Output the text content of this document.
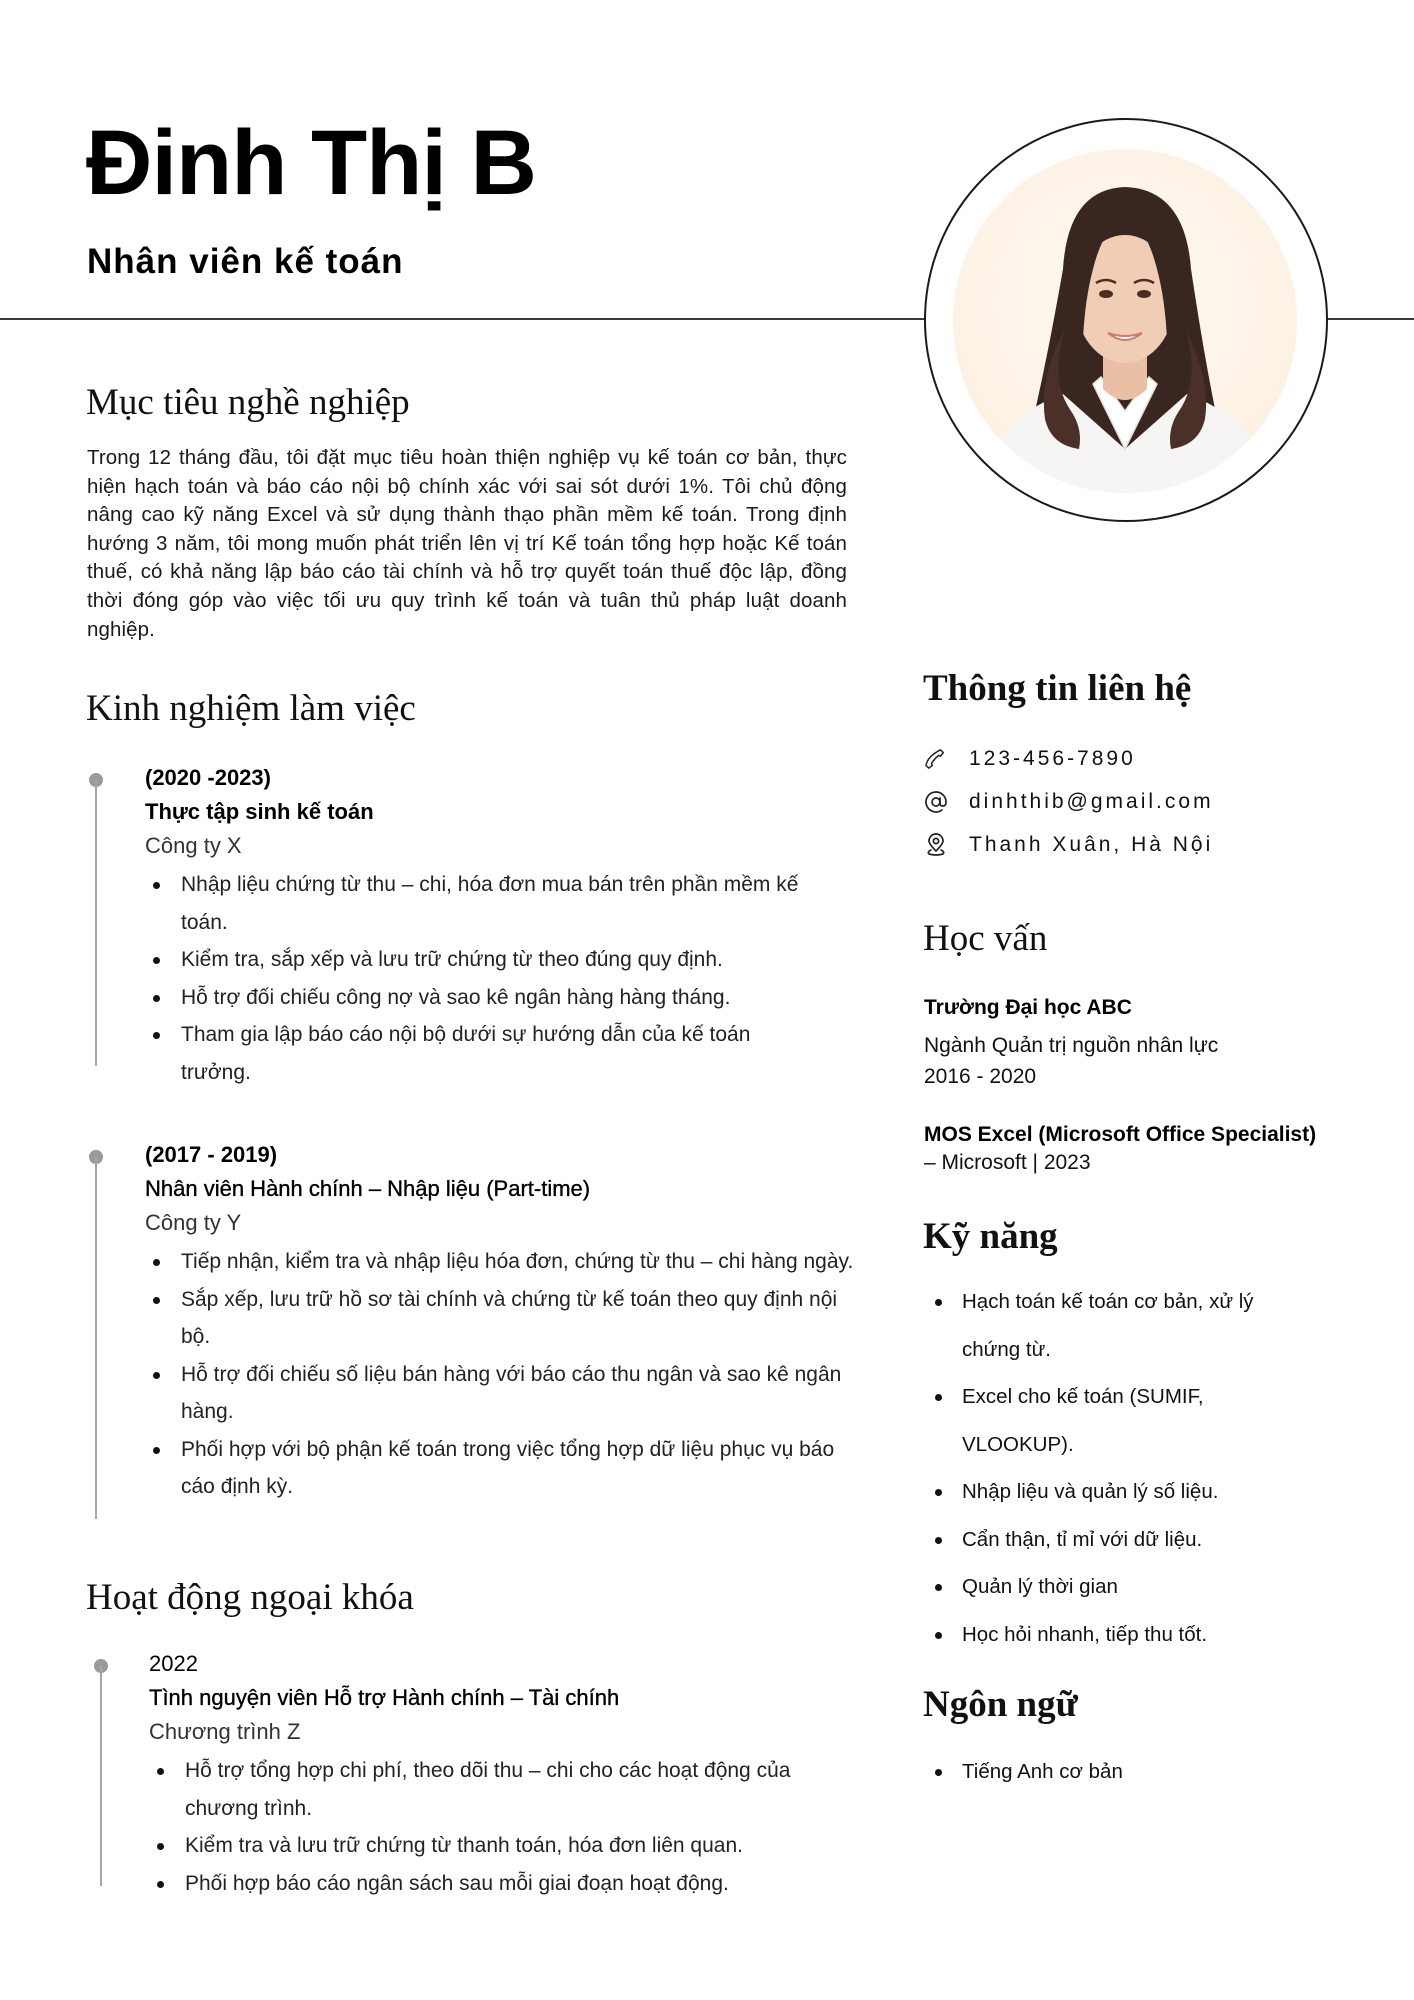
Đinh Thị B
Nhân viên kế toán
Mục tiêu nghề nghiệp
Trong 12 tháng đầu, tôi đặt mục tiêu hoàn thiện nghiệp vụ kế toán cơ bản, thực hiện hạch toán và báo cáo nội bộ chính xác với sai sót dưới 1%. Tôi chủ động nâng cao kỹ năng Excel và sử dụng thành thạo phần mềm kế toán. Trong định hướng 3 năm, tôi mong muốn phát triển lên vị trí Kế toán tổng hợp hoặc Kế toán thuế, có khả năng lập báo cáo tài chính và hỗ trợ quyết toán thuế độc lập, đồng thời đóng góp vào việc tối ưu quy trình kế toán và tuân thủ pháp luật doanh nghiệp.
Kinh nghiệm làm việc
(2020 -2023)
Thực tập sinh kế toán
Công ty X
Nhập liệu chứng từ thu – chi, hóa đơn mua bán trên phần mềm kế toán.
Kiểm tra, sắp xếp và lưu trữ chứng từ theo đúng quy định.
Hỗ trợ đối chiếu công nợ và sao kê ngân hàng hàng tháng.
Tham gia lập báo cáo nội bộ dưới sự hướng dẫn của kế toán trưởng.
(2017 - 2019)
Nhân viên Hành chính – Nhập liệu (Part-time)
Công ty Y
Tiếp nhận, kiểm tra và nhập liệu hóa đơn, chứng từ thu – chi hàng ngày.
Sắp xếp, lưu trữ hồ sơ tài chính và chứng từ kế toán theo quy định nội bộ.
Hỗ trợ đối chiếu số liệu bán hàng với báo cáo thu ngân và sao kê ngân hàng.
Phối hợp với bộ phận kế toán trong việc tổng hợp dữ liệu phục vụ báo cáo định kỳ.
Hoạt động ngoại khóa
2022
Tình nguyện viên Hỗ trợ Hành chính – Tài chính
Chương trình Z
Hỗ trợ tổng hợp chi phí, theo dõi thu – chi cho các hoạt động của chương trình.
Kiểm tra và lưu trữ chứng từ thanh toán, hóa đơn liên quan.
Phối hợp báo cáo ngân sách sau mỗi giai đoạn hoạt động.
Thông tin liên hệ
123-456-7890
dinhthib@gmail.com
Thanh Xuân, Hà Nội
Học vấn
Trường Đại học ABC
Ngành Quản trị nguồn nhân lực
2016 - 2020
MOS Excel (Microsoft Office Specialist)
– Microsoft | 2023
Kỹ năng
Hạch toán kế toán cơ bản, xử lý chứng từ.
Excel cho kế toán (SUMIF, VLOOKUP).
Nhập liệu và quản lý số liệu.
Cẩn thận, tỉ mỉ với dữ liệu.
Quản lý thời gian
Học hỏi nhanh, tiếp thu tốt.
Ngôn ngữ
Tiếng Anh cơ bản
